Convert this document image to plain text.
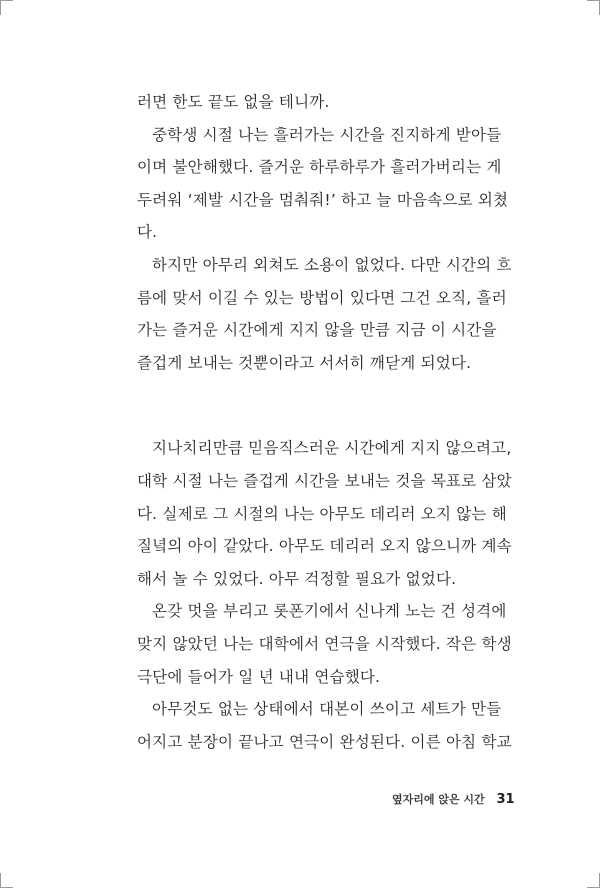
러면 한도 끝도 없을 테니까.
중학생 시절 나는 흘러가는 시간을 진지하게 받아들
이며 불안해했다. 즐거운 하루하루가 흘러가버리는 게
두려워 ‘제발 시간을 멈춰줘!’ 하고 늘 마음속으로 외쳤
다.
하지만 아무리 외쳐도 소용이 없었다. 다만 시간의 흐
름에 맞서 이길 수 있는 방법이 있다면 그건 오직, 흘러
가는 즐거운 시간에게 지지 않을 만큼 지금 이 시간을
즐겁게 보내는 것뿐이라고 서서히 깨닫게 되었다.
지나치리만큼 믿음직스러운 시간에게 지지 않으려고,
대학 시절 나는 즐겁게 시간을 보내는 것을 목표로 삼았
다. 실제로 그 시절의 나는 아무도 데리러 오지 않는 해
질녘의 아이 같았다. 아무도 데리러 오지 않으니까 계속
해서 놀 수 있었다. 아무 걱정할 필요가 없었다.
온갖 멋을 부리고 롯폰기에서 신나게 노는 건 성격에
맞지 않았던 나는 대학에서 연극을 시작했다. 작은 학생
극단에 들어가 일 년 내내 연습했다.
아무것도 없는 상태에서 대본이 쓰이고 세트가 만들
어지고 분장이 끝나고 연극이 완성된다. 이른 아침 학교
옆자리에 앉은 시간 31
